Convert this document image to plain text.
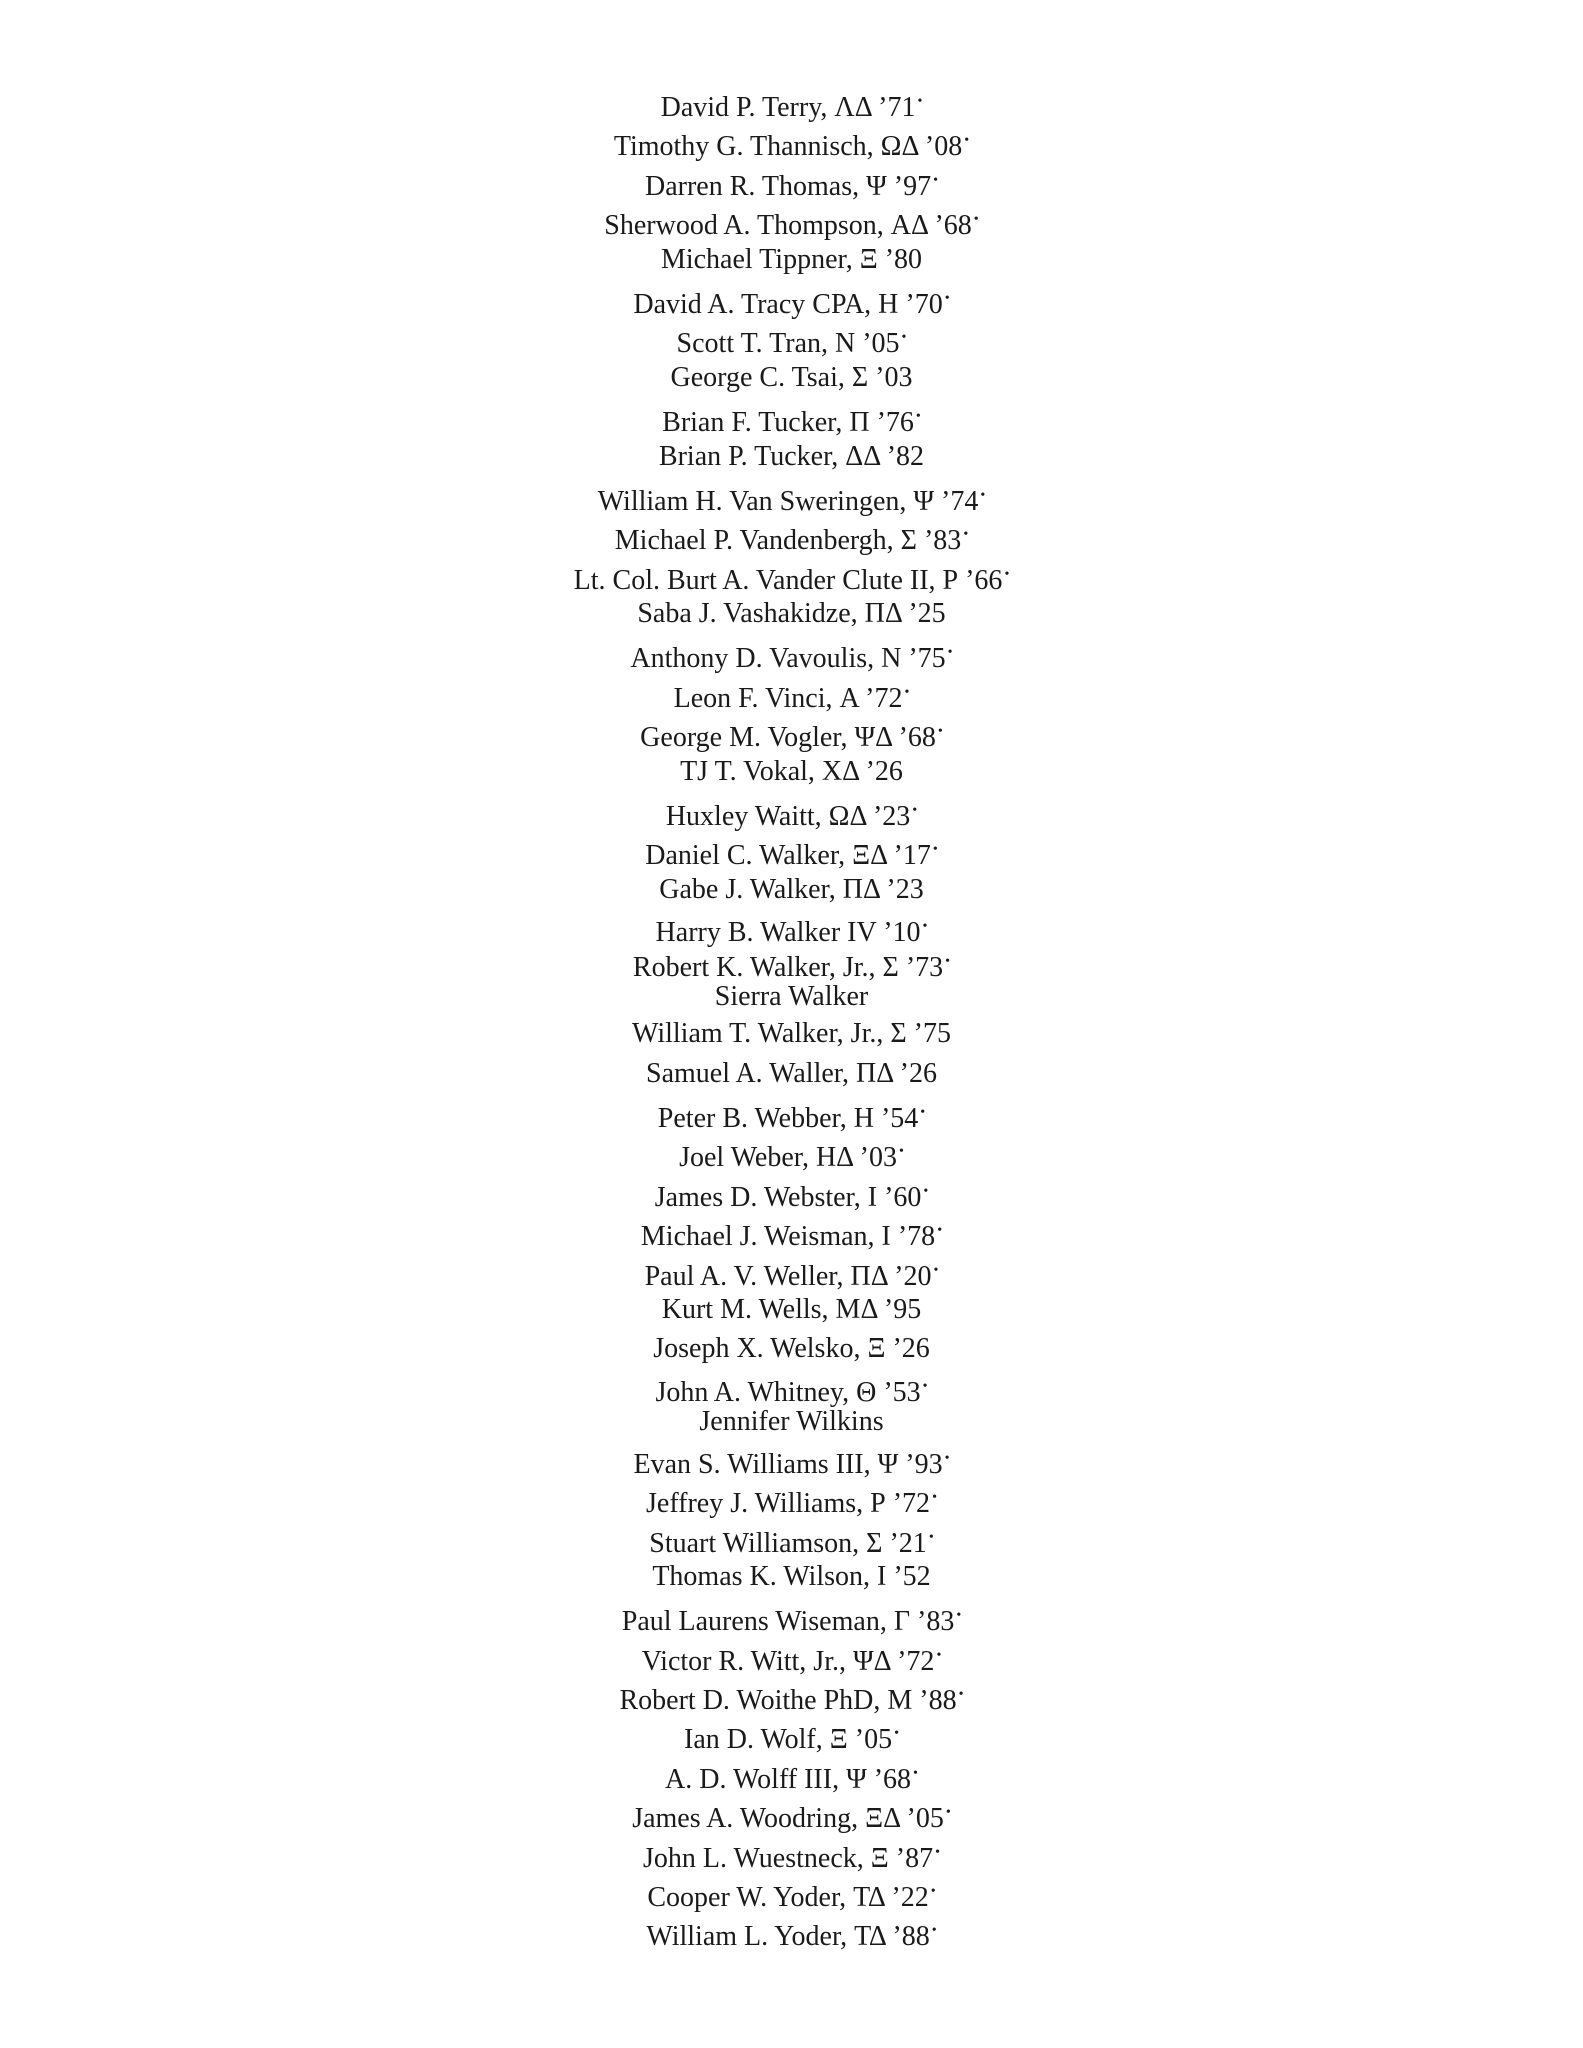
David P. Terry, ΛΔ ’71 •
Timothy G. Thannisch, ΩΔ ’08 •
Darren R. Thomas, Ψ ’97 •
Sherwood A. Thompson, ΑΔ ’68 •
Michael Tippner, Ξ ’80
David A. Tracy CPA, Η ’70 •
Scott T. Tran, Ν ’05 •
George C. Tsai, Σ ’03
Brian F. Tucker, Π ’76 •
Brian P. Tucker, ΔΔ ’82
William H. Van Sweringen, Ψ ’74 •
Michael P. Vandenbergh, Σ ’83 •
Lt. Col. Burt A. Vander Clute II, Ρ ’66 •
Saba J. Vashakidze, ΠΔ ’25
Anthony D. Vavoulis, Ν ’75 •
Leon F. Vinci, Α ’72 •
George M. Vogler, ΨΔ ’68 •
TJ T. Vokal, ΧΔ ’26
Huxley Waitt, ΩΔ ’23 •
Daniel C. Walker, ΞΔ ’17 •
Gabe J. Walker, ΠΔ ’23
Harry B. Walker IV ’10 •
Robert K. Walker, Jr., Σ ’73 •
Sierra Walker
William T. Walker, Jr., Σ ’75
Samuel A. Waller, ΠΔ ’26
Peter B. Webber, Η ’54 •
Joel Weber, ΗΔ ’03 •
James D. Webster, Ι ’60 •
Michael J. Weisman, Ι ’78 •
Paul A. V. Weller, ΠΔ ’20 •
Kurt M. Wells, ΜΔ ’95
Joseph X. Welsko, Ξ ’26
John A. Whitney, Θ ’53 •
Jennifer Wilkins
Evan S. Williams III, Ψ ’93 •
Jeffrey J. Williams, Ρ ’72 •
Stuart Williamson, Σ ’21 •
Thomas K. Wilson, Ι ’52
Paul Laurens Wiseman, Γ ’83 •
Victor R. Witt, Jr., ΨΔ ’72 •
Robert D. Woithe PhD, Μ ’88 •
Ian D. Wolf, Ξ ’05 •
A. D. Wolff III, Ψ ’68 •
James A. Woodring, ΞΔ ’05 •
John L. Wuestneck, Ξ ’87 •
Cooper W. Yoder, ΤΔ ’22 •
William L. Yoder, ΤΔ ’88 •
